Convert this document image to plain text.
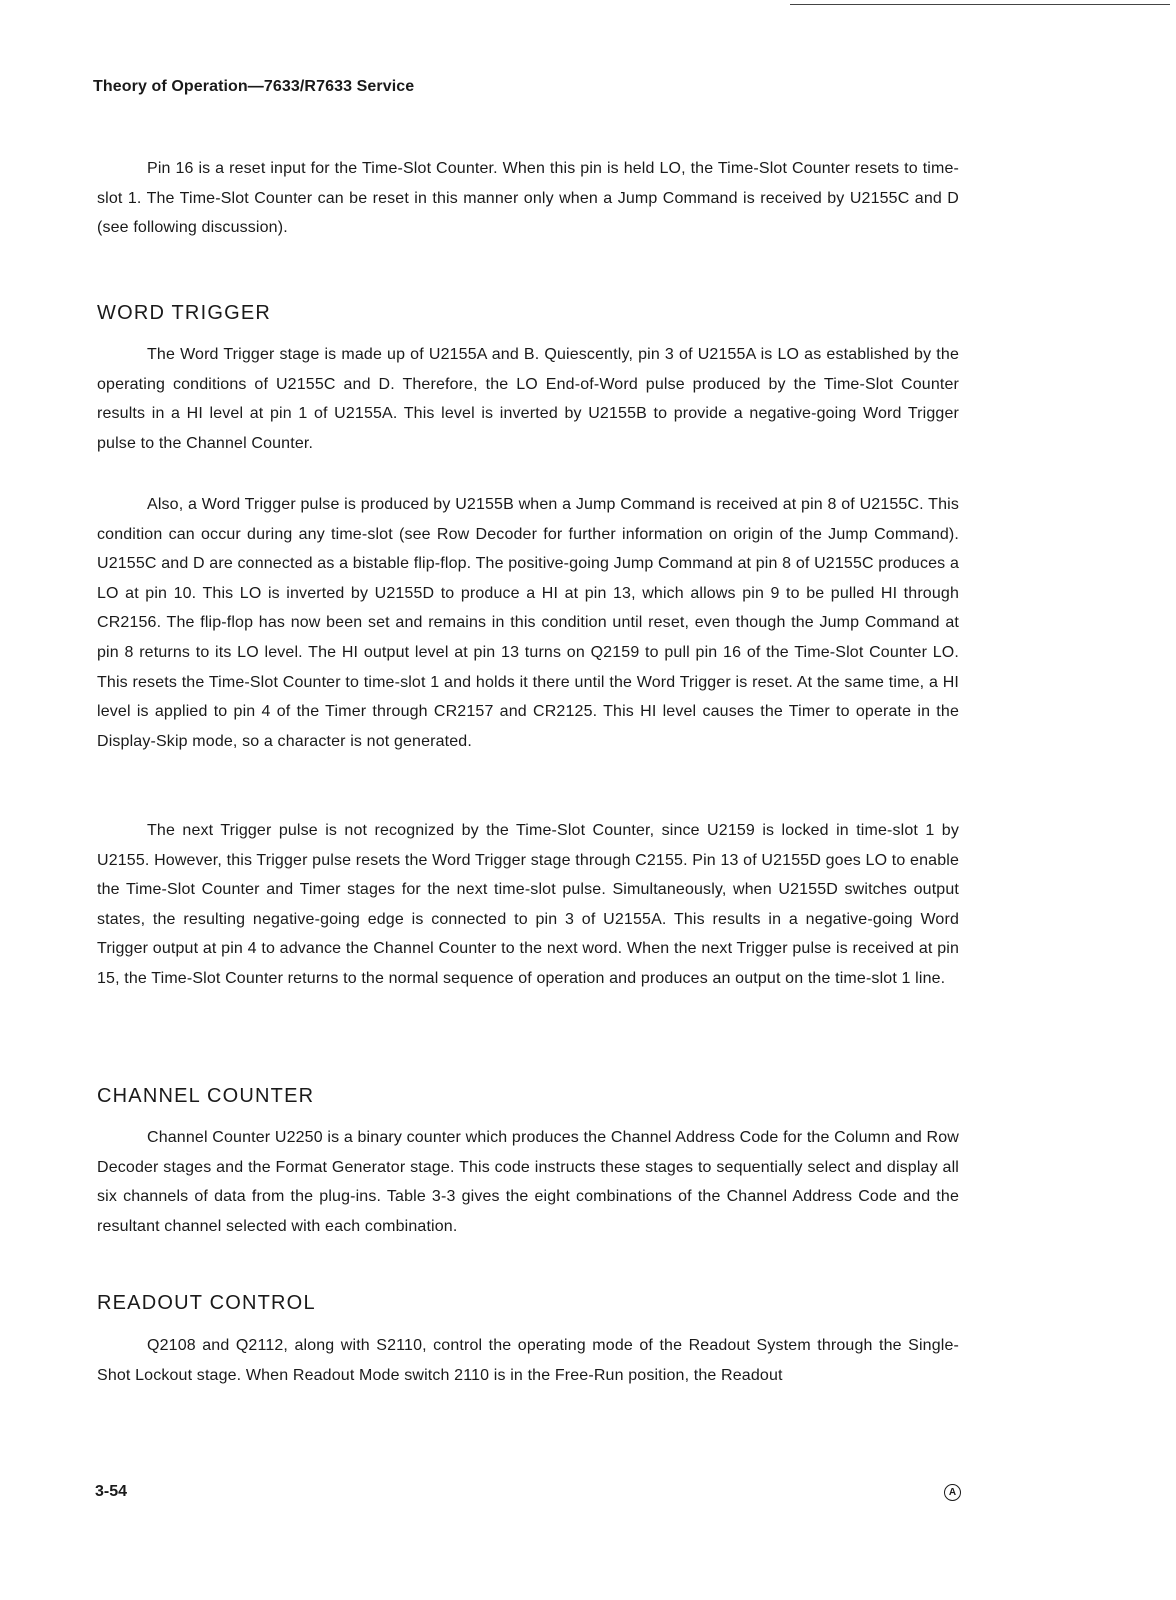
Theory of Operation—7633/R7633 Service

Pin 16 is a reset input for the Time-Slot Counter. When this pin is held LO, the Time-Slot Counter resets to time-slot 1. The Time-Slot Counter can be reset in this manner only when a Jump Command is received by U2155C and D (see following discussion).

WORD TRIGGER

The Word Trigger stage is made up of U2155A and B. Quiescently, pin 3 of U2155A is LO as established by the operating conditions of U2155C and D. Therefore, the LO End-of-Word pulse produced by the Time-Slot Counter results in a HI level at pin 1 of U2155A. This level is inverted by U2155B to provide a negative-going Word Trigger pulse to the Channel Counter.

Also, a Word Trigger pulse is produced by U2155B when a Jump Command is received at pin 8 of U2155C. This condition can occur during any time-slot (see Row Decoder for further information on origin of the Jump Command). U2155C and D are connected as a bistable flip-flop. The positive-going Jump Command at pin 8 of U2155C produces a LO at pin 10. This LO is inverted by U2155D to produce a HI at pin 13, which allows pin 9 to be pulled HI through CR2156. The flip-flop has now been set and remains in this condition until reset, even though the Jump Command at pin 8 returns to its LO level. The HI output level at pin 13 turns on Q2159 to pull pin 16 of the Time-Slot Counter LO. This resets the Time-Slot Counter to time-slot 1 and holds it there until the Word Trigger is reset. At the same time, a HI level is applied to pin 4 of the Timer through CR2157 and CR2125. This HI level causes the Timer to operate in the Display-Skip mode, so a character is not generated.

The next Trigger pulse is not recognized by the Time-Slot Counter, since U2159 is locked in time-slot 1 by U2155. However, this Trigger pulse resets the Word Trigger stage through C2155. Pin 13 of U2155D goes LO to enable the Time-Slot Counter and Timer stages for the next time-slot pulse. Simultaneously, when U2155D switches output states, the resulting negative-going edge is connected to pin 3 of U2155A. This results in a negative-going Word Trigger output at pin 4 to advance the Channel Counter to the next word. When the next Trigger pulse is received at pin 15, the Time-Slot Counter returns to the normal sequence of operation and produces an output on the time-slot 1 line.

CHANNEL COUNTER

Channel Counter U2250 is a binary counter which produces the Channel Address Code for the Column and Row Decoder stages and the Format Generator stage. This code instructs these stages to sequentially select and display all six channels of data from the plug-ins. Table 3-3 gives the eight combinations of the Channel Address Code and the resultant channel selected with each combination.

READOUT CONTROL

Q2108 and Q2112, along with S2110, control the operating mode of the Readout System through the Single-Shot Lockout stage. When Readout Mode switch 2110 is in the Free-Run position, the Readout

3-54	A
